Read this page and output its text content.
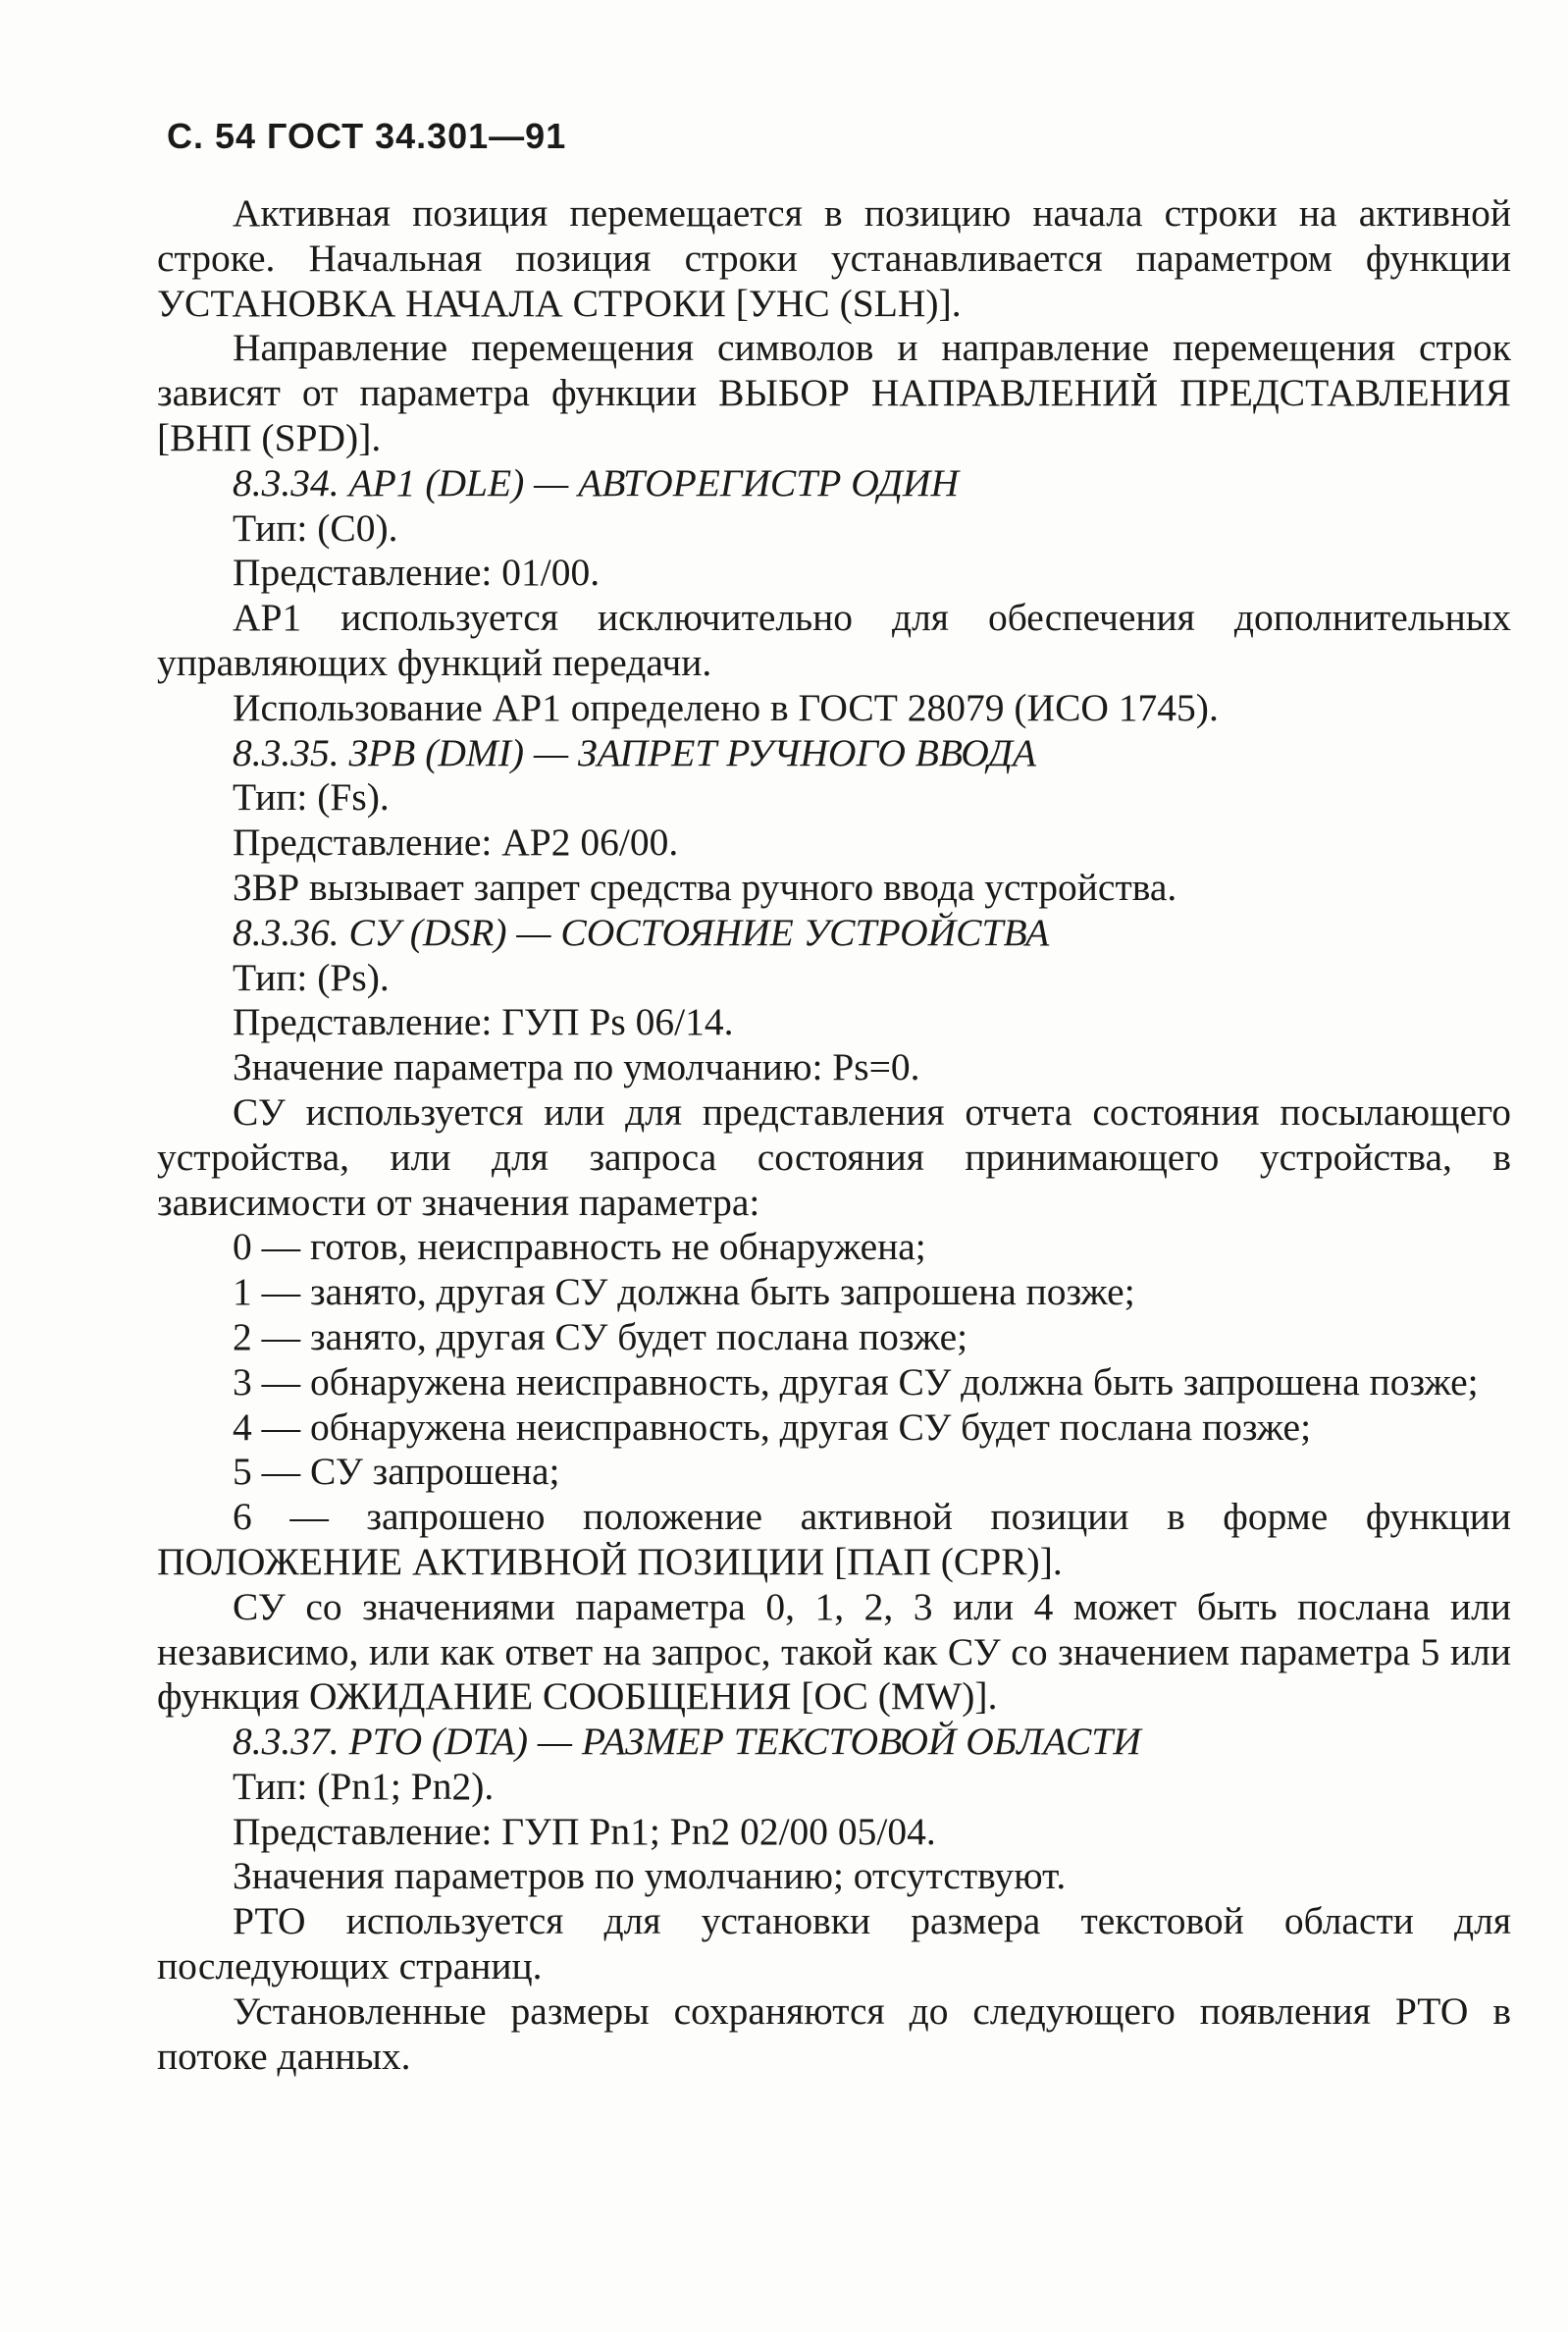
С. 54 ГОСТ 34.301—91

Активная позиция перемещается в позицию начала строки на активной строке. Начальная позиция строки устанавливается параметром функции УСТАНОВКА НАЧАЛА СТРОКИ [УНС (SLH)].

Направление перемещения символов и направление перемещения строк зависят от параметра функции ВЫБОР НАПРАВЛЕНИЙ ПРЕДСТАВЛЕНИЯ [ВНП (SPD)].

8.3.34. АР1 (DLE) — АВТОРЕГИСТР ОДИН

Тип: (С0).

Представление: 01/00.

АР1 используется исключительно для обеспечения дополнительных управляющих функций передачи.

Использование АР1 определено в ГОСТ 28079 (ИСО 1745).

8.3.35. ЗРВ (DMI) — ЗАПРЕТ РУЧНОГО ВВОДА

Тип: (Fs).

Представление: АР2 06/00.

ЗВР вызывает запрет средства ручного ввода устройства.

8.3.36. СУ (DSR) — СОСТОЯНИЕ УСТРОЙСТВА

Тип: (Ps).

Представление: ГУП Ps 06/14.

Значение параметра по умолчанию: Ps=0.

СУ используется или для представления отчета состояния посылающего устройства, или для запроса состояния принимающего устройства, в зависимости от значения параметра:

0 — готов, неисправность не обнаружена;

1 — занято, другая СУ должна быть запрошена позже;

2 — занято, другая СУ будет послана позже;

3 — обнаружена неисправность, другая СУ должна быть запрошена позже;

4 — обнаружена неисправность, другая СУ будет послана позже;

5 — СУ запрошена;

6 — запрошено положение активной позиции в форме функции ПОЛОЖЕНИЕ АКТИВНОЙ ПОЗИЦИИ [ПАП (CPR)].

СУ со значениями параметра 0, 1, 2, 3 или 4 может быть послана или независимо, или как ответ на запрос, такой как СУ со значением параметра 5 или функция ОЖИДАНИЕ СООБЩЕНИЯ [ОС (MW)].

8.3.37. РТО (DTA) — РАЗМЕР ТЕКСТОВОЙ ОБЛАСТИ

Тип: (Pn1; Pn2).

Представление: ГУП Pn1; Pn2 02/00 05/04.

Значения параметров по умолчанию; отсутствуют.

РТО используется для установки размера текстовой области для последующих страниц.

Установленные размеры сохраняются до следующего появления РТО в потоке данных.
